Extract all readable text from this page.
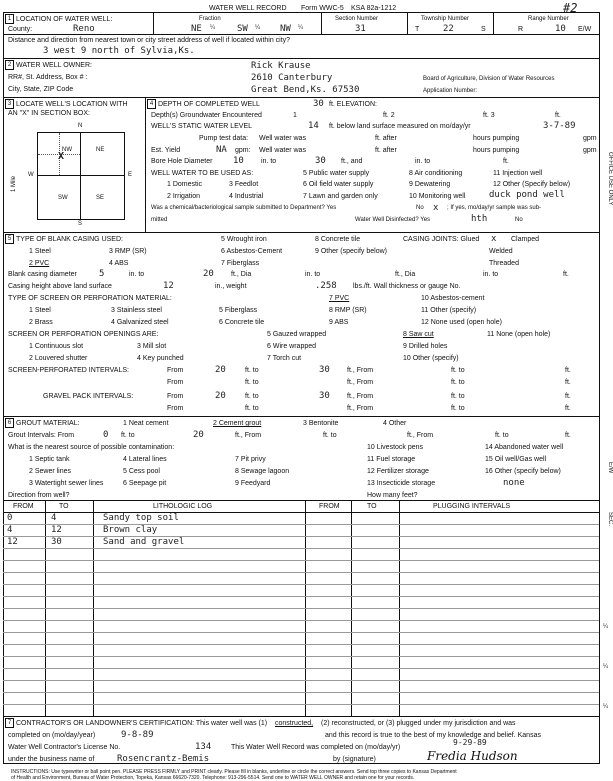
#2
WATER WELL RECORD Form WWC-5 KSA 82a-1212
1 LOCATION OF WATER WELL:	Fraction	Section Number	Township Number	Range Number
County:	Reno	NE ¼ SW ¼ NW ¼	31	T	22	S	R	10 E/W
Distance and direction from nearest town or city street address of well if located within city?
3 west 9 north of Sylvia,Ks.
2 WATER WELL OWNER:
RR#, St. Address, Box # :
City, State, ZIP Code
Rick Krause
2610 Canterbury
Great Bend,Ks. 67530
Board of Agriculture, Division of Water Resources
Application Number:
3 LOCATE WELL'S LOCATION WITH
AN "X" IN SECTION BOX:
NW	NE
SW	SE
X
N
S
W	E
1 Mile
4 DEPTH OF COMPLETED WELL	30 ft. ELEVATION:
Depth(s) Groundwater Encountered	1	ft. 2	ft. 3	ft.
WELL'S STATIC WATER LEVEL	14 ft. below land surface measured on mo/day/yr	3-7-89
Pump test data: Well water was	ft. after	hours pumping	gpm
Est. Yield	NA gpm: Well water was	ft. after	hours pumping	gpm
Bore Hole Diameter 10 in. to	30 ft., and	in. to	ft.
WELL WATER TO BE USED AS:
1 Domestic	3 Feedlot
5 Public water supply	8 Air conditioning	11 Injection well
6 Oil field water supply	9 Dewatering	12 Other (Specify below)
2 Irrigation	4 Industrial	7 Lawn and garden only	10 Monitoring well	duck pond well
Was a chemical/bacteriological sample submitted to Department? Yes	x
No	; If yes, mo/day/yr sample was sub-
mitted	Water Well Disinfected? Yes	hth	No
5 TYPE OF BLANK CASING USED:	5 Wrought iron	8 Concrete tile	CASING JOINTS: Glued x Clamped
1 Steel	3 RMP (SR)	6 Asbestos-Cement	9 Other (specify below)	Welded
2 PVC	4 ABS	7 Fiberglass	Threaded
Blank casing diameter 5	in. to	20 ft., Dia	in. to	ft., Dia	in. to	ft.
Casing height above land surface	12	in., weight	.258 lbs./ft. Wall thickness or gauge No.
TYPE OF SCREEN OR PERFORATION MATERIAL:	7 PVC	10 Asbestos-cement
1 Steel	3 Stainless steel	5 Fiberglass	8 RMP (SR)	11 Other (specify)
2 Brass	4 Galvanized steel	6 Concrete tile	9 ABS	12 None used (open hole)
SCREEN OR PERFORATION OPENINGS ARE:	5 Gauzed wrapped	8 Saw cut	11 None (open hole)
1 Continuous slot	3 Mill slot	6 Wire wrapped	9 Drilled holes
2 Louvered shutter	4 Key punched	7 Torch cut	10 Other (specify)
SCREEN-PERFORATED INTERVALS:	From	20	ft. to	30 ft., From	ft. to	ft.
From	ft. to	ft., From	ft. to	ft.
GRAVEL PACK INTERVALS:	From	20	ft. to	30 ft., From	ft. to	ft.
From	ft. to	ft., From	ft. to	ft.
6 GROUT MATERIAL:	1 Neat cement	2 Cement grout	3 Bentonite	4 Other
Grout Intervals: From	0 ft. to	20	ft., From	ft. to	ft., From	ft. to	ft.
What is the nearest source of possible contamination:	10 Livestock pens	14 Abandoned water well
1 Septic tank	4 Lateral lines	7 Pit privy	11 Fuel storage	15 Oil well/Gas well
2 Sewer lines	5 Cess pool	8 Sewage lagoon	12 Fertilizer storage	16 Other (specify below)
3 Watertight sewer lines	6 Seepage pit	9 Feedyard	13 Insecticide storage	none
Direction from well?	How many feet?
FROM	TO	LITHOLOGIC LOG	FROM	TO	PLUGGING INTERVALS
0	4	Sandy top soil
4	12	Brown clay
12	30	Sand and gravel
7 CONTRACTOR'S OR LANDOWNER'S CERTIFICATION: This water well was (1) constructed, (2) reconstructed, or (3) plugged under my jurisdiction and was
completed on (mo/day/year)	9-8-89	and this record is true to the best of my knowledge and belief. Kansas
Water Well Contractor's License No.	134	This Water Well Record was completed on (mo/day/yr)
9-29-89
under the business name of	Rosencrantz-Bemis	by (signature)	Fredia Hudson
INSTRUCTIONS: Use typewriter or ball point pen. PLEASE PRESS FIRMLY and PRINT clearly. Please fill in blanks, underline or circle the correct answers. Send top three copies to Kansas Department
of Health and Environment, Bureau of Water Protection, Topeka, Kansas 66620-7320. Telephone: 913-296-5514. Send one to WATER WELL OWNER and retain one for your records.
OFFICE USE ONLY
E/W
SEC.
¼
¼
¼
